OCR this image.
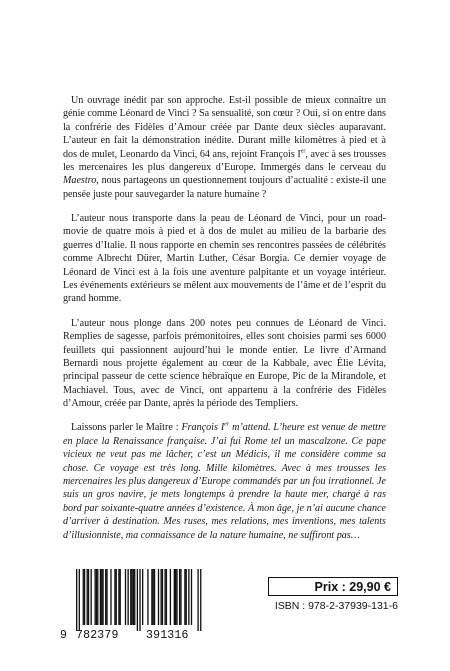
Un ouvrage inédit par son approche. Est-il possible de mieux connaître un génie comme Léonard de Vinci ? Sa sensualité, son cœur ? Oui, si on entre dans la confrérie des Fidèles d’Amour créée par Dante deux siècles auparavant. L’auteur en fait la démonstration inédite. Durant mille kilomètres à pied et à dos de mulet, Leonardo da Vinci, 64 ans, rejoint François Ier, avec à ses trousses les mercenaires les plus dangereux d’Europe. Immergés dans le cerveau du Maestro, nous partageons un questionnement toujours d’actualité : existe-il une pensée juste pour sauvegarder la nature humaine ?

L’auteur nous transporte dans la peau de Léonard de Vinci, pour un road-movie de quatre mois à pied et à dos de mulet au milieu de la barbarie des guerres d’Italie. Il nous rapporte en chemin ses rencontres passées de célébrités comme Albrecht Dürer, Martin Luther, César Borgia. Ce dernier voyage de Léonard de Vinci est à la fois une aventure palpitante et un voyage intérieur. Les événements extérieurs se mêlent aux mouvements de l’âme et de l’esprit du grand homme.

L’auteur nous plonge dans 200 notes peu connues de Léonard de Vinci. Remplies de sagesse, parfois prémonitoires, elles sont choisies parmi ses 6000 feuillets qui passionnent aujourd’hui le monde entier. Le livre d’Armand Bernardi nous projette également au cœur de la Kabbale, avec Élie Lévita, principal passeur de cette science hébraïque en Europe, Pic de la Mirandole, et Machiavel. Tous, avec de Vinci, ont appartenu à la confrérie des Fidèles d’Amour, créée par Dante, après la période des Templiers.

Laissons parler le Maître : François Ier m’attend. L’heure est venue de mettre en place la Renaissance française. J’ai fui Rome tel un mascalzone. Ce pape vicieux ne veut pas me lâcher, c’est un Médicis, il me considère comme sa chose. Ce voyage est très long. Mille kilomètres. Avec à mes trousses les mercenaires les plus dangereux d’Europe commandés par un fou irrationnel. Je suis un gros navire, je mets longtemps à prendre la haute mer, chargé à ras bord par soixante-quatre années d’existence. À mon âge, je n’ai aucune chance d’arriver à destination. Mes ruses, mes relations, mes inventions, mes talents d’illusionniste, ma connaissance de la nature humaine, ne suffiront pas…

9 782379	391316
Prix : 29,90 €
ISBN : 978-2-37939-131-6
